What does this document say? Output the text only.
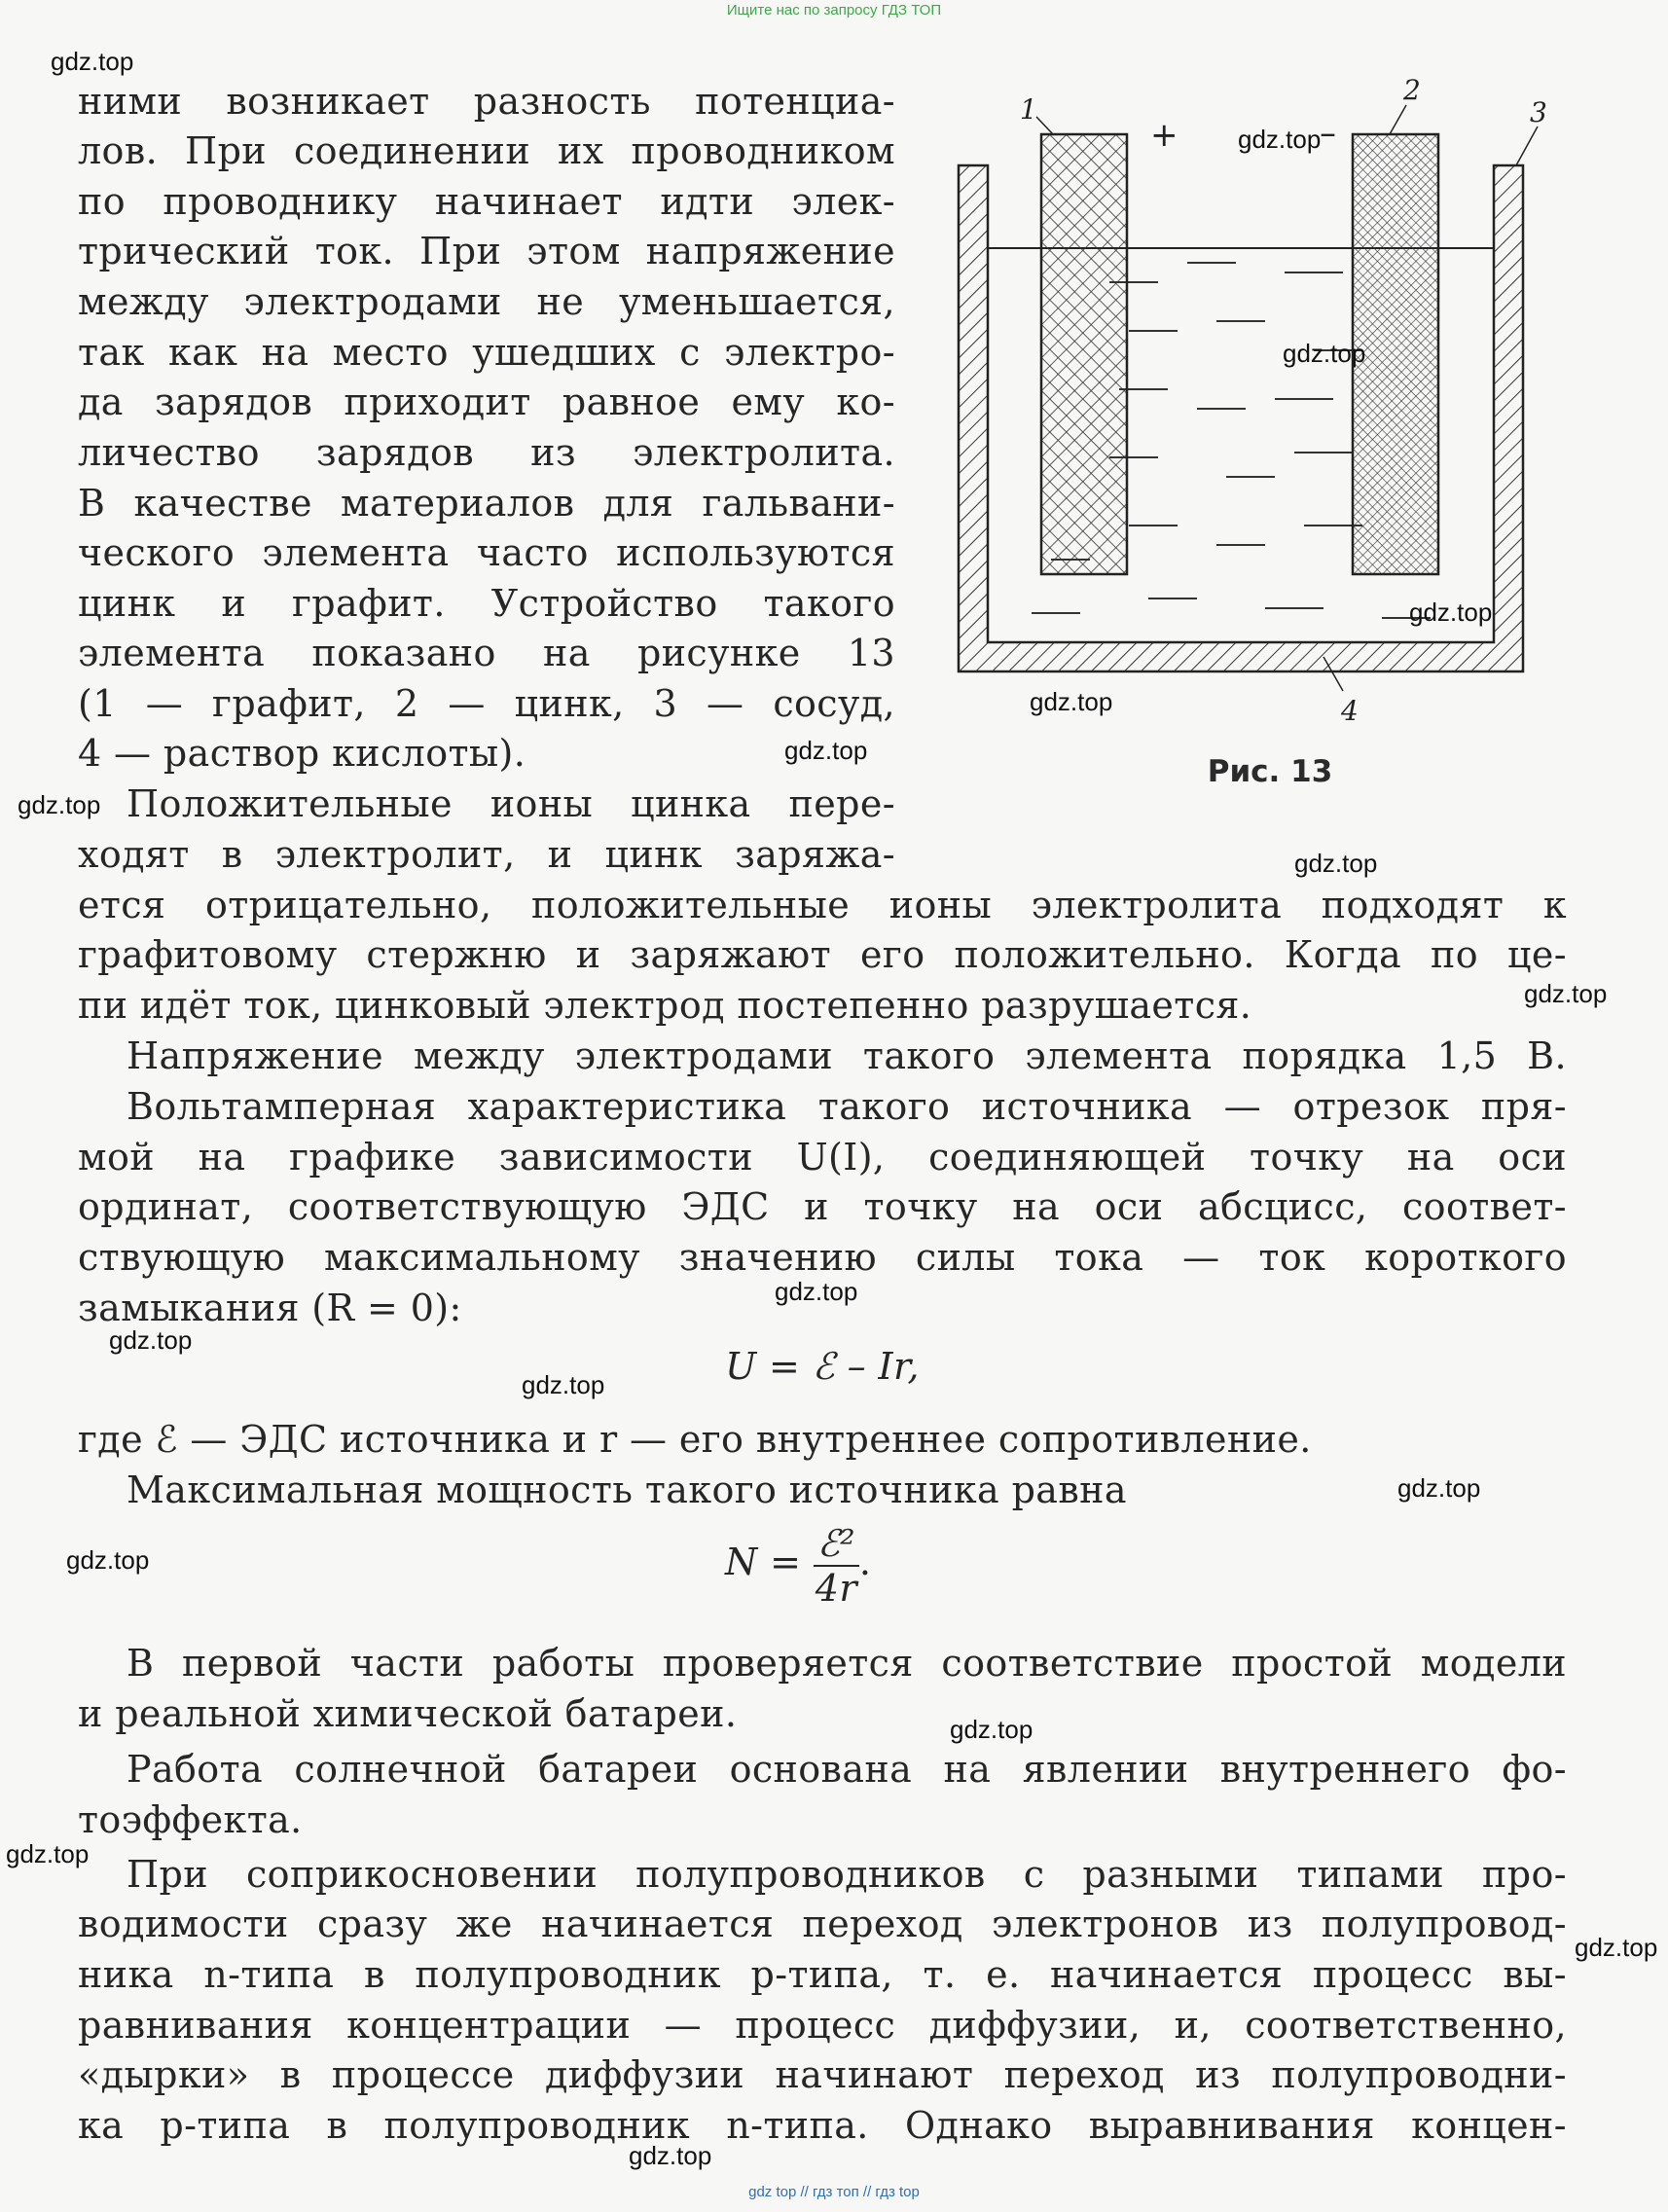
Ищите нас по запросу ГДЗ ТОП
ними возникает разность потенциа-
лов. При соединении их проводником
по проводнику начинает идти элек-
трический ток. При этом напряжение
между электродами не уменьшается,
так как на место ушедших с электро-
да зарядов приходит равное ему ко-
личество зарядов из электролита.
В качестве материалов для гальвани-
ческого элемента часто используются
цинк и графит. Устройство такого
элемента показано на рисунке 13
(1 — графит, 2 — цинк, 3 — сосуд,
4 — раствор кислоты).
Положительные ионы цинка пере-
ходят в электролит, и цинк заряжа-
ется отрицательно, положительные ионы электролита подходят к
графитовому стержню и заряжают его положительно. Когда по це-
пи идёт ток, цинковый электрод постепенно разрушается.
Напряжение между электродами такого элемента порядка 1,5 В.
Вольтамперная характеристика такого источника — отрезок пря-
мой на графике зависимости U(I), соединяющей точку на оси
ординат, соответствующую ЭДС и точку на оси абсцисс, соответ-
ствующую максимальному значению силы тока — ток короткого
замыкания (R = 0):
U = ℰ – Ir,
где ℰ — ЭДС источника и r — его внутреннее сопротивление.
Максимальная мощность такого источника равна
$N = \frac{\text{ℰ²}}{4r}$ .
В первой части работы проверяется соответствие простой модели
и реальной химической батареи.
Работа солнечной батареи основана на явлении внутреннего фо-
тоэффекта.
При соприкосновении полупроводников с разными типами про-
водимости сразу же начинается переход электронов из полупровод-
ника n-типа в полупроводник p-типа, т. е. начинается процесс вы-
равнивания концентрации — процесс диффузии, и, соответственно,
«дырки» в процессе диффузии начинают переход из полупроводни-
ка p-типа в полупроводник n-типа. Однако выравнивания концен-
1
2
3
4
+	–
Рис. 13
gdz.top
gdz.top
gdz.top
gdz.top
gdz.top
gdz.top
gdz.top
gdz.top
gdz.top
gdz.top
gdz.top
gdz.top
gdz.top
gdz.top
gdz.top
gdz.top
gdz.top
gdz.top
gdz top // гдз топ // гдз top
